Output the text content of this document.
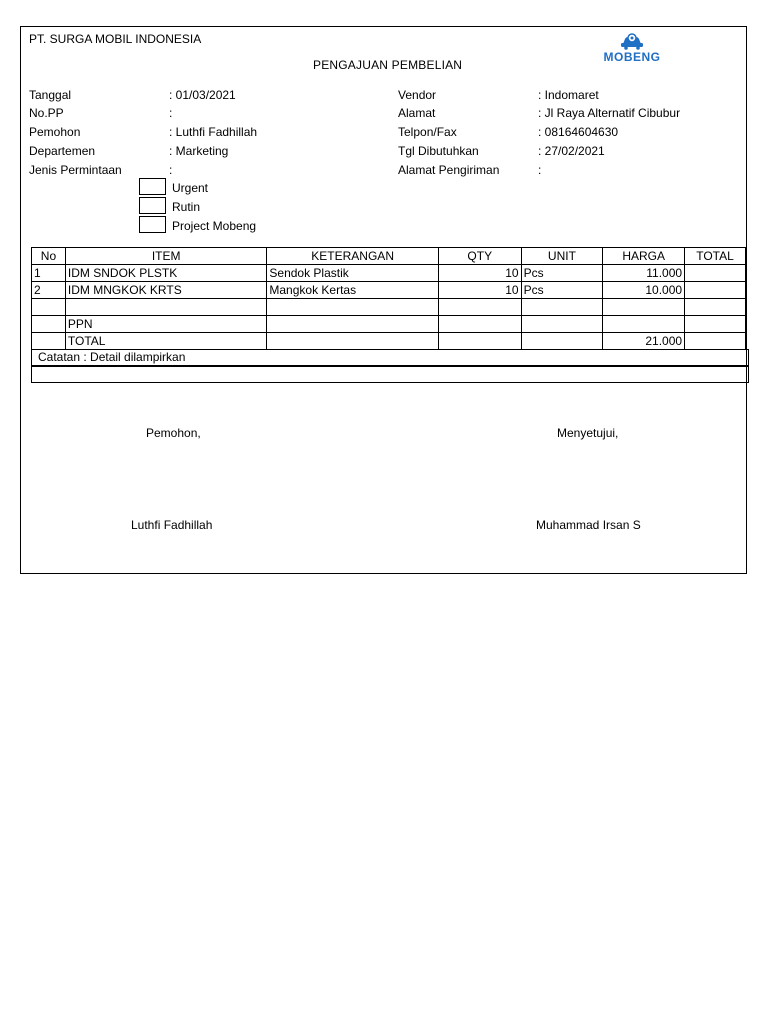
PT. SURGA MOBIL INDONESIA
PENGAJUAN PEMBELIAN
MOBENG
Tanggal	: 01/03/2021
No.PP	:
Pemohon	: Luthfi Fadhillah
Departemen	: Marketing
Jenis Permintaan	:
Vendor	: Indomaret
Alamat	: Jl Raya Alternatif Cibubur
Telpon/Fax	: 08164604630
Tgl Dibutuhkan	: 27/02/2021
Alamat Pengiriman	:
Urgent
Rutin
Project Mobeng
No	ITEM	KETERANGAN	QTY	UNIT	HARGA	TOTAL
1	IDM SNDOK PLSTK	Sendok Plastik	10	Pcs	11.000	
2	IDM MNGKOK KRTS	Mangkok Kertas	10	Pcs	10.000	

	PPN					
	TOTAL				21.000	
Catatan : Detail dilampirkan
Pemohon,	Menyetujui,
Luthfi Fadhillah	Muhammad Irsan S
